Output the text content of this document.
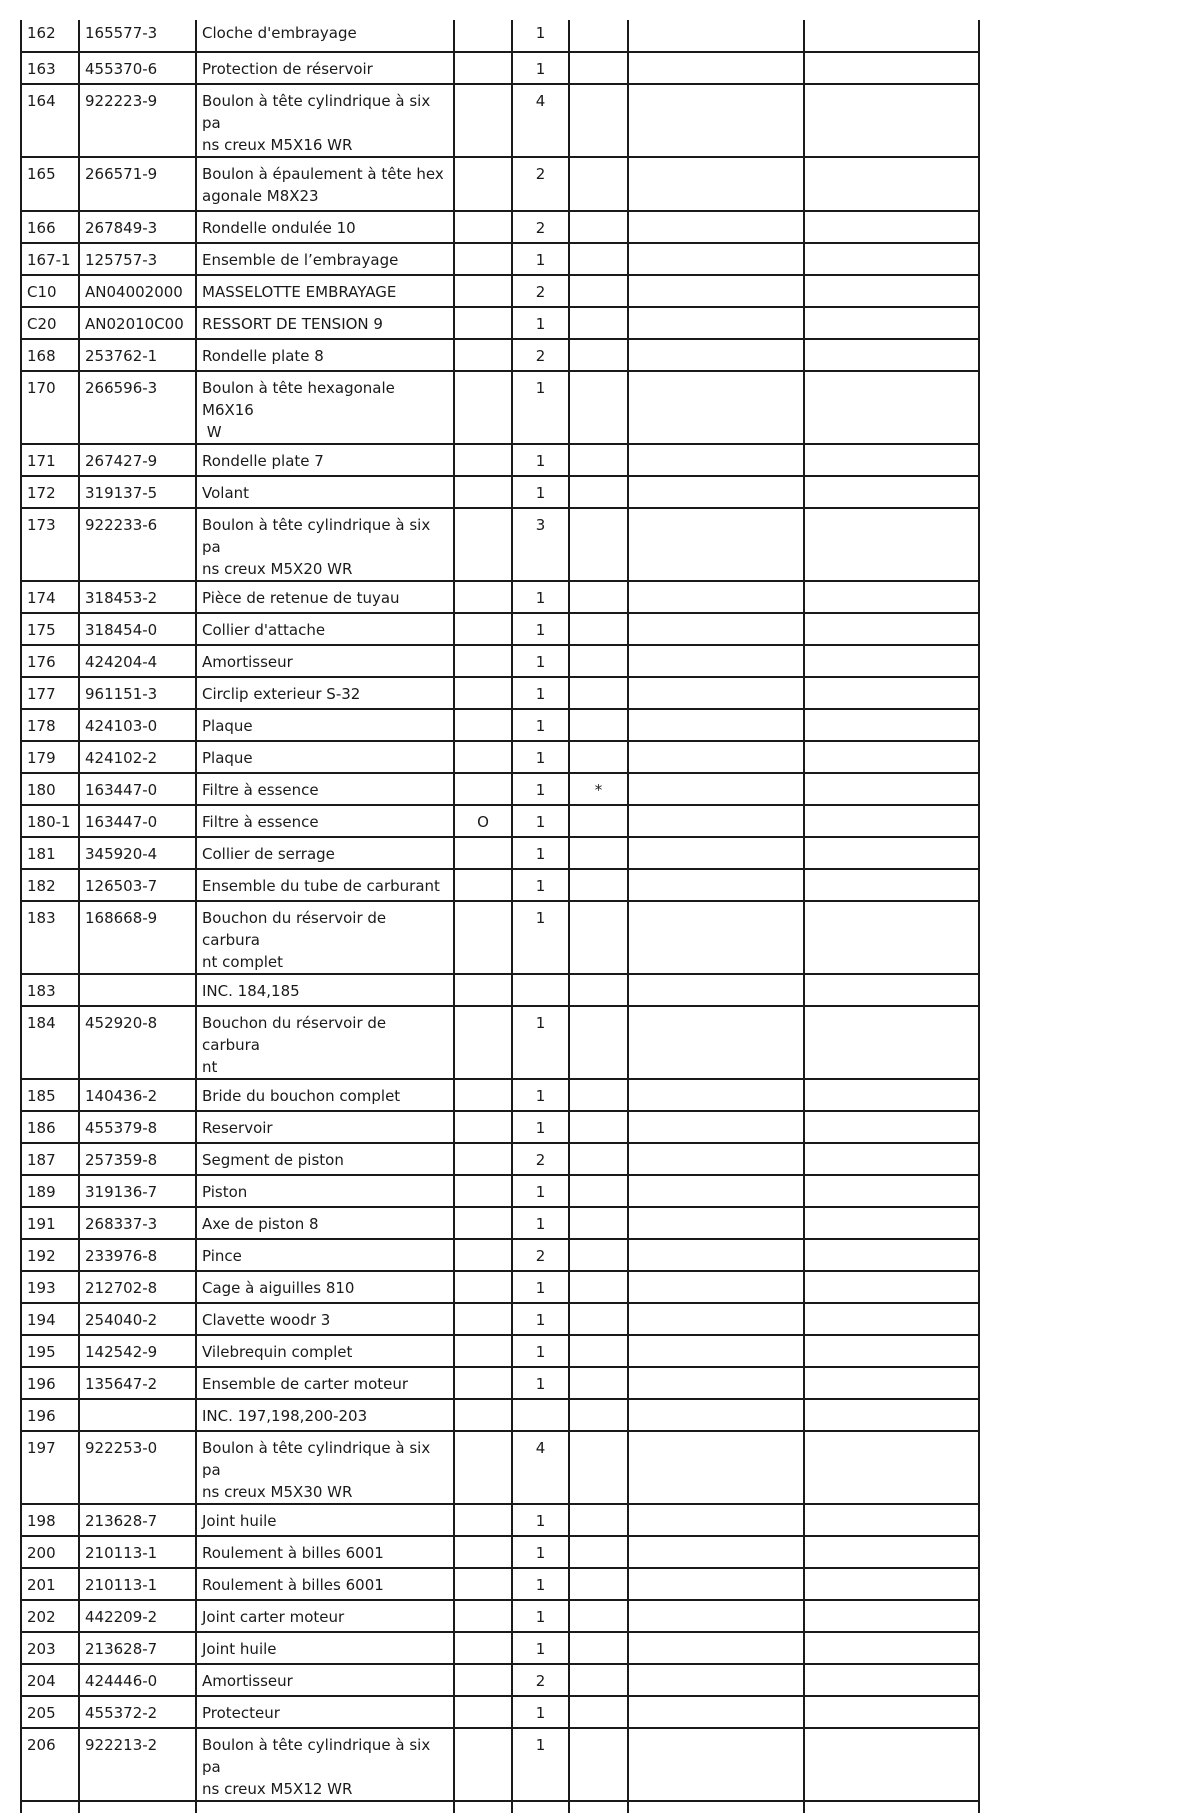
162	165577-3	Cloche d'embrayage		1			
163	455370-6	Protection de réservoir		1			
164	922223-9	Boulon à tête cylindrique à six pa
ns creux M5X16 WR		4			
165	266571-9	Boulon à épaulement à tête hex
agonale M8X23		2			
166	267849-3	Rondelle ondulée 10		2			
167-1	125757-3	Ensemble de l’embrayage		1			
C10	AN04002000	MASSELOTTE EMBRAYAGE		2			
C20	AN02010C00	RESSORT DE TENSION 9		1			
168	253762-1	Rondelle plate 8		2			
170	266596-3	Boulon à tête hexagonale M6X16
W		1			
171	267427-9	Rondelle plate 7		1			
172	319137-5	Volant		1			
173	922233-6	Boulon à tête cylindrique à six pa
ns creux M5X20 WR		3			
174	318453-2	Pièce de retenue de tuyau		1			
175	318454-0	Collier d'attache		1			
176	424204-4	Amortisseur		1			
177	961151-3	Circlip exterieur S-32		1			
178	424103-0	Plaque		1			
179	424102-2	Plaque		1			
180	163447-0	Filtre à essence		1	*		
180-1	163447-0	Filtre à essence	O	1			
181	345920-4	Collier de serrage		1			
182	126503-7	Ensemble du tube de carburant		1			
183	168668-9	Bouchon du réservoir de carbura
nt complet		1			
183		INC. 184,185					
184	452920-8	Bouchon du réservoir de carbura
nt		1			
185	140436-2	Bride du bouchon complet		1			
186	455379-8	Reservoir		1			
187	257359-8	Segment de piston		2			
189	319136-7	Piston		1			
191	268337-3	Axe de piston 8		1			
192	233976-8	Pince		2			
193	212702-8	Cage à aiguilles 810		1			
194	254040-2	Clavette woodr 3		1			
195	142542-9	Vilebrequin complet		1			
196	135647-2	Ensemble de carter moteur		1			
196		INC. 197,198,200-203					
197	922253-0	Boulon à tête cylindrique à six pa
ns creux M5X30 WR		4			
198	213628-7	Joint huile		1			
200	210113-1	Roulement à billes 6001		1			
201	210113-1	Roulement à billes 6001		1			
202	442209-2	Joint carter moteur		1			
203	213628-7	Joint huile		1			
204	424446-0	Amortisseur		2			
205	455372-2	Protecteur		1			
206	922213-2	Boulon à tête cylindrique à six pa
ns creux M5X12 WR		1			
